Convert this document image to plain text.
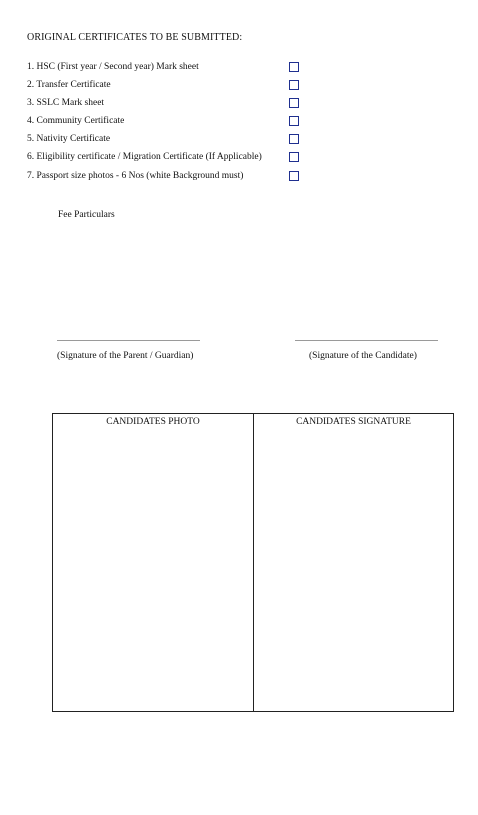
ORIGINAL CERTIFICATES TO BE SUBMITTED:
1. HSC (First year / Second year) Mark sheet
2. Transfer Certificate
3. SSLC Mark sheet
4. Community Certificate
5. Nativity Certificate
6. Eligibility certificate / Migration Certificate (If Applicable)
7. Passport size photos - 6 Nos (white Background must)
Fee Particulars
(Signature of the Parent / Guardian)	(Signature of the Candidate)
CANDIDATES PHOTO	CANDIDATES SIGNATURE
